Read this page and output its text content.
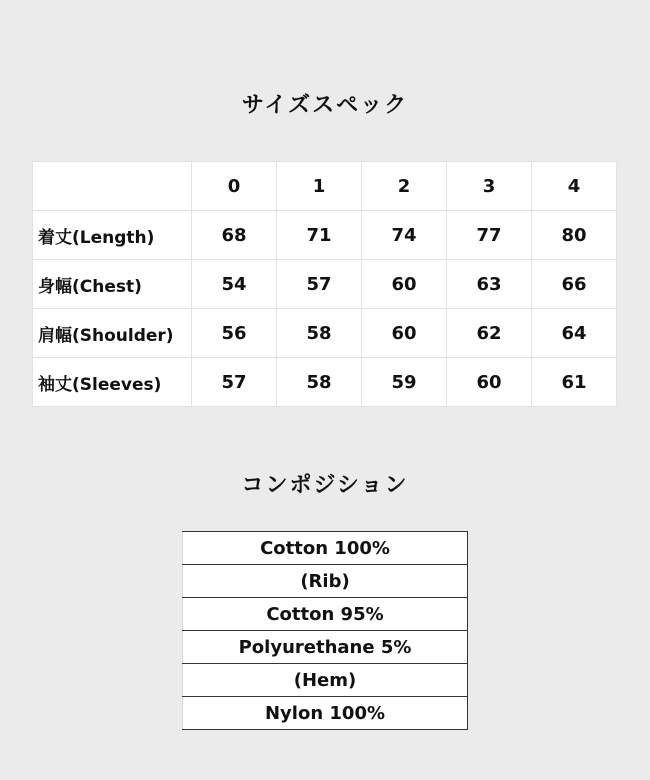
サイズスペック
	0	1	2	3	4
着丈(Length)	68	71	74	77	80
身幅(Chest)	54	57	60	63	66
肩幅(Shoulder)	56	58	60	62	64
袖丈(Sleeves)	57	58	59	60	61
コンポジション
Cotton 100%
(Rib)
Cotton 95%
Polyurethane 5%
(Hem)
Nylon 100%
